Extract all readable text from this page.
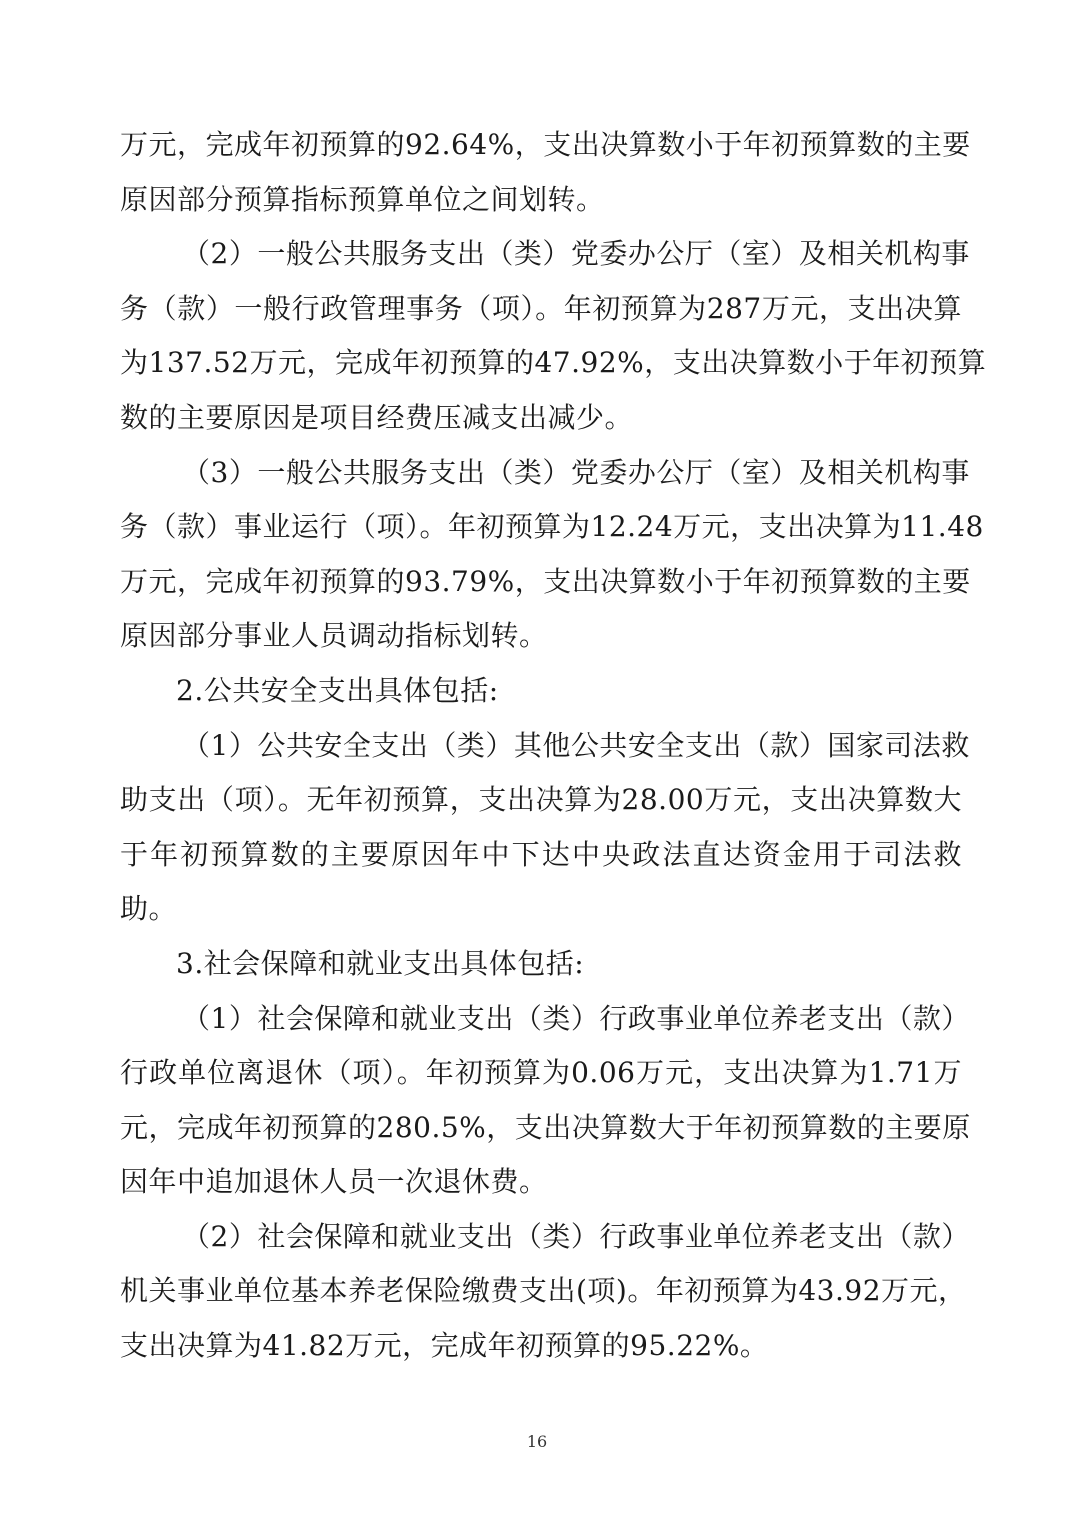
万元，完成年初预算的92.64%，支出决算数小于年初预算数的主要
原因部分预算指标预算单位之间划转。
（2）一般公共服务支出（类）党委办公厅（室）及相关机构事
务（款）一般行政管理事务（项）。年初预算为287万元，支出决算
为137.52万元，完成年初预算的47.92%，支出决算数小于年初预算
数的主要原因是项目经费压减支出减少。
（3）一般公共服务支出（类）党委办公厅（室）及相关机构事
务（款）事业运行（项）。年初预算为12.24万元，支出决算为11.48
万元，完成年初预算的93.79%，支出决算数小于年初预算数的主要
原因部分事业人员调动指标划转。
2.公共安全支出具体包括:
（1）公共安全支出（类）其他公共安全支出（款）国家司法救
助支出（项）。无年初预算，支出决算为28.00万元，支出决算数大
于年初预算数的主要原因年中下达中央政法直达资金用于司法救
助。
3.社会保障和就业支出具体包括:
（1）社会保障和就业支出（类）行政事业单位养老支出（款）
行政单位离退休（项）。年初预算为0.06万元，支出决算为1.71万
元，完成年初预算的280.5%，支出决算数大于年初预算数的主要原
因年中追加退休人员一次退休费。
（2）社会保障和就业支出（类）行政事业单位养老支出（款）
机关事业单位基本养老保险缴费支出(项)。年初预算为43.92万元，
支出决算为41.82万元，完成年初预算的95.22%。
16
